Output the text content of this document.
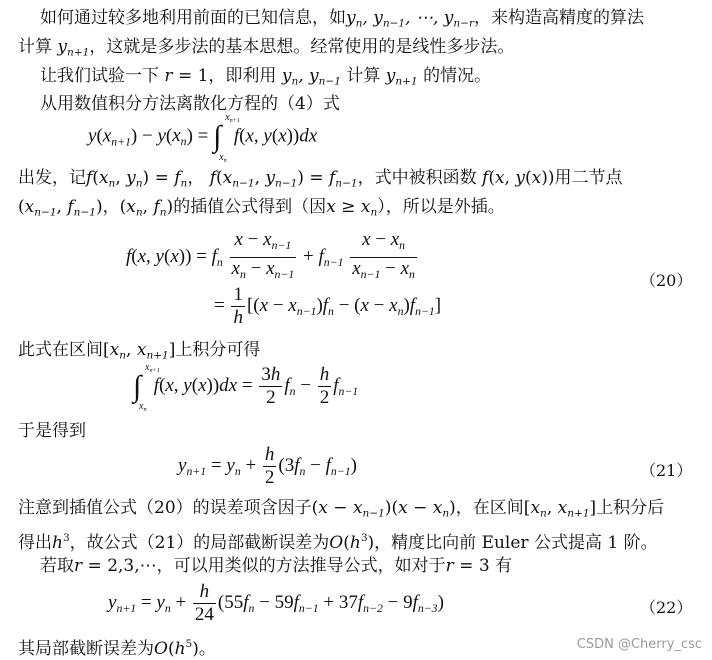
如何通过较多地利用前面的已知信息，如$y_n$, $y_{n-1}$, ⋯, $y_{n-r}$，来构造高精度的算法
计算 $y_{n+1}$，这就是多步法的基本思想。经常使用的是线性多步法。
让我们试验一下 r = 1，即利用 $y_n$, $y_{n-1}$ 计算 $y_{n+1}$ 的情况。
从用数值积分方法离散化方程的（4）式
$y(x_{n+1}) - y(x_n)$ = ∫
$x_{n+1}$
$x_n$
f(x, y(x))dx
出发，记$f(x_n$, $y_n) = f_n$， $f(x_{n-1}$, $y_{n-1}) = f_{n-1}$，式中被积函数 f(x, y(x))用二节点
($x_{n-1}$, $f_{n-1}$)，($x_n$, $f_n$)的插值公式得到（因$x \ge x_n$），所以是外插。
f(x, $y(x)) = f_n \frac{x - x_{n-1}}{x_n - x_{n-1}} + f_{n-1} \frac{x - x_n}{x_{n-1} - x_n}$	（20）
= $\frac{1}{h} [(x - x_{n-1})f_n - (x - x_n)f_{n-1}]$
此式在区间[$x_n$, $x_{n+1}$]上积分可得
∫
$x_{n+1}$
$x_n$
f(x, $y(x))dx = \frac{3h}{2} f_n - \frac{h}{2} f_{n-1}$
于是得到
$y_{n+1} = y_n + \frac{h}{2} (3f_n - f_{n-1})$	（21）
注意到插值公式（20）的误差项含因子$(x - x_{n-1})(x - x_n)$，在区间[$x_n$, $x_{n+1}$]上积分后
得出$h^3$，故公式（21）的局部截断误差为$O(h^3)$，精度比向前 Euler 公式提高 1 阶。
若取r = 2,3,⋯，可以用类似的方法推导公式，如对于r = 3 有
$y_{n+1} = y_n + \frac{h}{24} (55f_n - 59f_{n-1} + 37f_{n-2} - 9f_{n-3})$	（22）
其局部截断误差为$O(h^5)$。	CSDN @Cherry_csc
